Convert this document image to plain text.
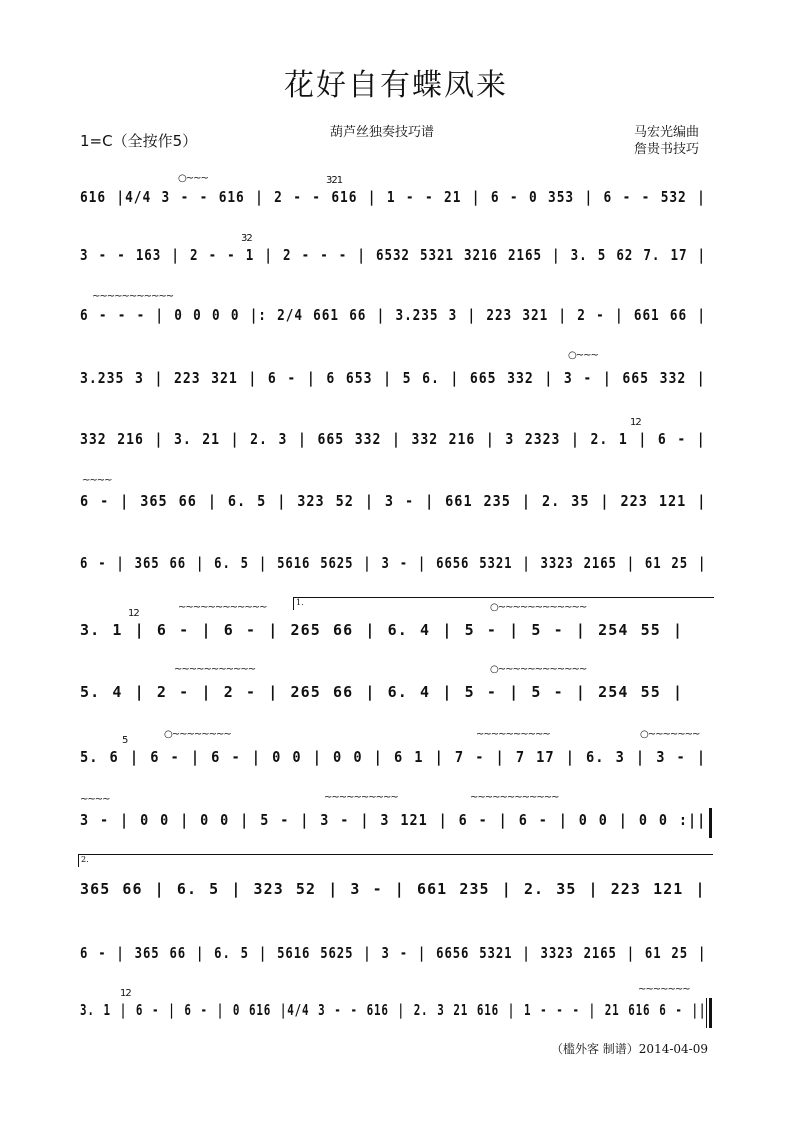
花好自有蝶凤来
1=C（全按作5）	葫芦丝独奏技巧谱	马宏光编曲
詹贵书技巧
○~~~	321
616 |4/4 3 - - 616 | 2 - - 616 | 1 - - 21 | 6 - 0 353 | 6 - - 532 |
32
3 - - 163 | 2 - - 1 | 2 - - - | 6532 5321 3216 2165 | 3. 5 62 7. 17 |
~~~~~~~~~~~
6 - - - | 0 0 0 0 |: 2/4 661 66 | 3.235 3 | 223 321 | 2 - | 661 66 |
○~~~
3.235 3 | 223 321 | 6 - | 6 653 | 5 6. | 665 332 | 3 - | 665 332 |
12
332 216 | 3. 21 | 2. 3 | 665 332 | 332 216 | 3 2323 | 2. 1 | 6 - |
~~~~
6 - | 365 66 | 6. 5 | 323 52 | 3 - | 661 235 | 2. 35 | 223 121 |
6 - | 365 66 | 6. 5 | 5616 5625 | 3 - | 6656 5321 | 3323 2165 | 61 25 |
1.
12
~~~~~~~~~~~~	○~~~~~~~~~~~~
3. 1 | 6 - | 6 - | 265 66 | 6. 4 | 5 - | 5 - | 254 55 |
~~~~~~~~~~~	○~~~~~~~~~~~~
5. 4 | 2 - | 2 - | 265 66 | 6. 4 | 5 - | 5 - | 254 55 |
5
○~~~~~~~~	~~~~~~~~~~	○~~~~~~~
5. 6 | 6 - | 6 - | 0 0 | 0 0 | 6 1 | 7 - | 7 17 | 6. 3 | 3 - |
~~~~	~~~~~~~~~~	~~~~~~~~~~~~
3 - | 0 0 | 0 0 | 5 - | 3 - | 3 121 | 6 - | 6 - | 0 0 | 0 0 :||
2.
365 66 | 6. 5 | 323 52 | 3 - | 661 235 | 2. 35 | 223 121 |
6 - | 365 66 | 6. 5 | 5616 5625 | 3 - | 6656 5321 | 3323 2165 | 61 25 |
12	~~~~~~~
3. 1 | 6 - | 6 - | 0 616 |4/4 3 - - 616 | 2. 3 21 616 | 1 - - - | 21 616 6 - ||
（槛外客 制谱）2014-04-09
